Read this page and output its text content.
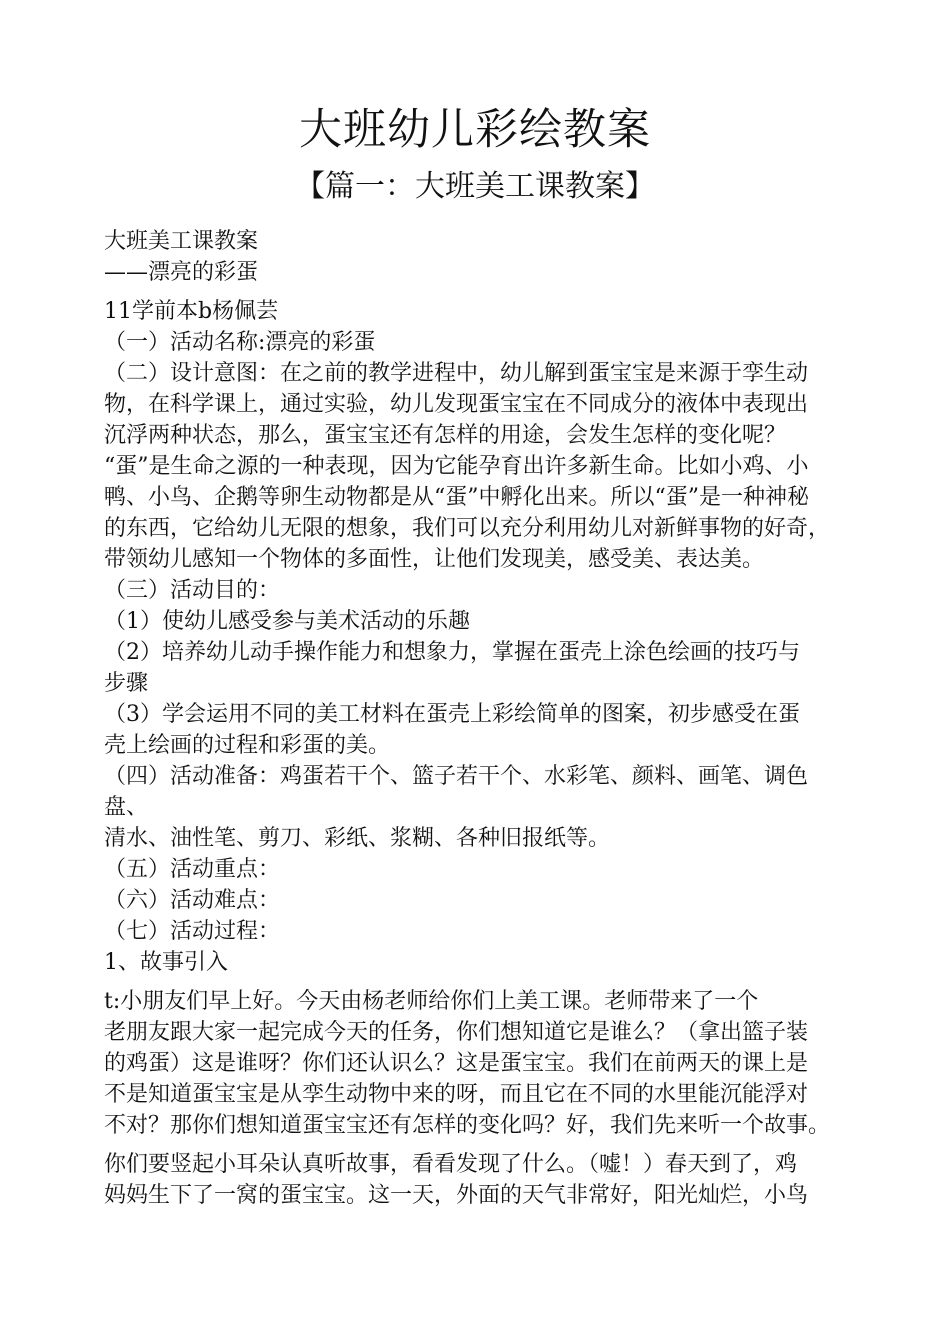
大班幼儿彩绘教案
【篇一：大班美工课教案】
大班美工课教案
——漂亮的彩蛋
11学前本b杨佩芸
（一）活动名称:漂亮的彩蛋
（二）设计意图：在之前的教学进程中，幼儿解到蛋宝宝是来源于孪生动
物，在科学课上，通过实验，幼儿发现蛋宝宝在不同成分的液体中表现出
沉浮两种状态，那么，蛋宝宝还有怎样的用途，会发生怎样的变化呢？
“蛋”是生命之源的一种表现，因为它能孕育出许多新生命。比如小鸡、小
鸭、小鸟、企鹅等卵生动物都是从“蛋”中孵化出来。所以“蛋”是一种神秘
的东西，它给幼儿无限的想象，我们可以充分利用幼儿对新鲜事物的好奇，
带领幼儿感知一个物体的多面性，让他们发现美，感受美、表达美。
（三）活动目的：
（1）使幼儿感受参与美术活动的乐趣
（2）培养幼儿动手操作能力和想象力，掌握在蛋壳上涂色绘画的技巧与
步骤
（3）学会运用不同的美工材料在蛋壳上彩绘简单的图案，初步感受在蛋
壳上绘画的过程和彩蛋的美。
（四）活动准备：鸡蛋若干个、篮子若干个、水彩笔、颜料、画笔、调色
盘、
清水、油性笔、剪刀、彩纸、浆糊、各种旧报纸等。
（五）活动重点：
（六）活动难点：
（七）活动过程：
1、故事引入
t:小朋友们早上好。今天由杨老师给你们上美工课。老师带来了一个
老朋友跟大家一起完成今天的任务，你们想知道它是谁么？（拿出篮子装
的鸡蛋）这是谁呀？你们还认识么？这是蛋宝宝。我们在前两天的课上是
不是知道蛋宝宝是从孪生动物中来的呀，而且它在不同的水里能沉能浮对
不对？那你们想知道蛋宝宝还有怎样的变化吗？好，我们先来听一个故事。
你们要竖起小耳朵认真听故事，看看发现了什么。（嘘！）春天到了，鸡
妈妈生下了一窝的蛋宝宝。这一天，外面的天气非常好，阳光灿烂，小鸟
